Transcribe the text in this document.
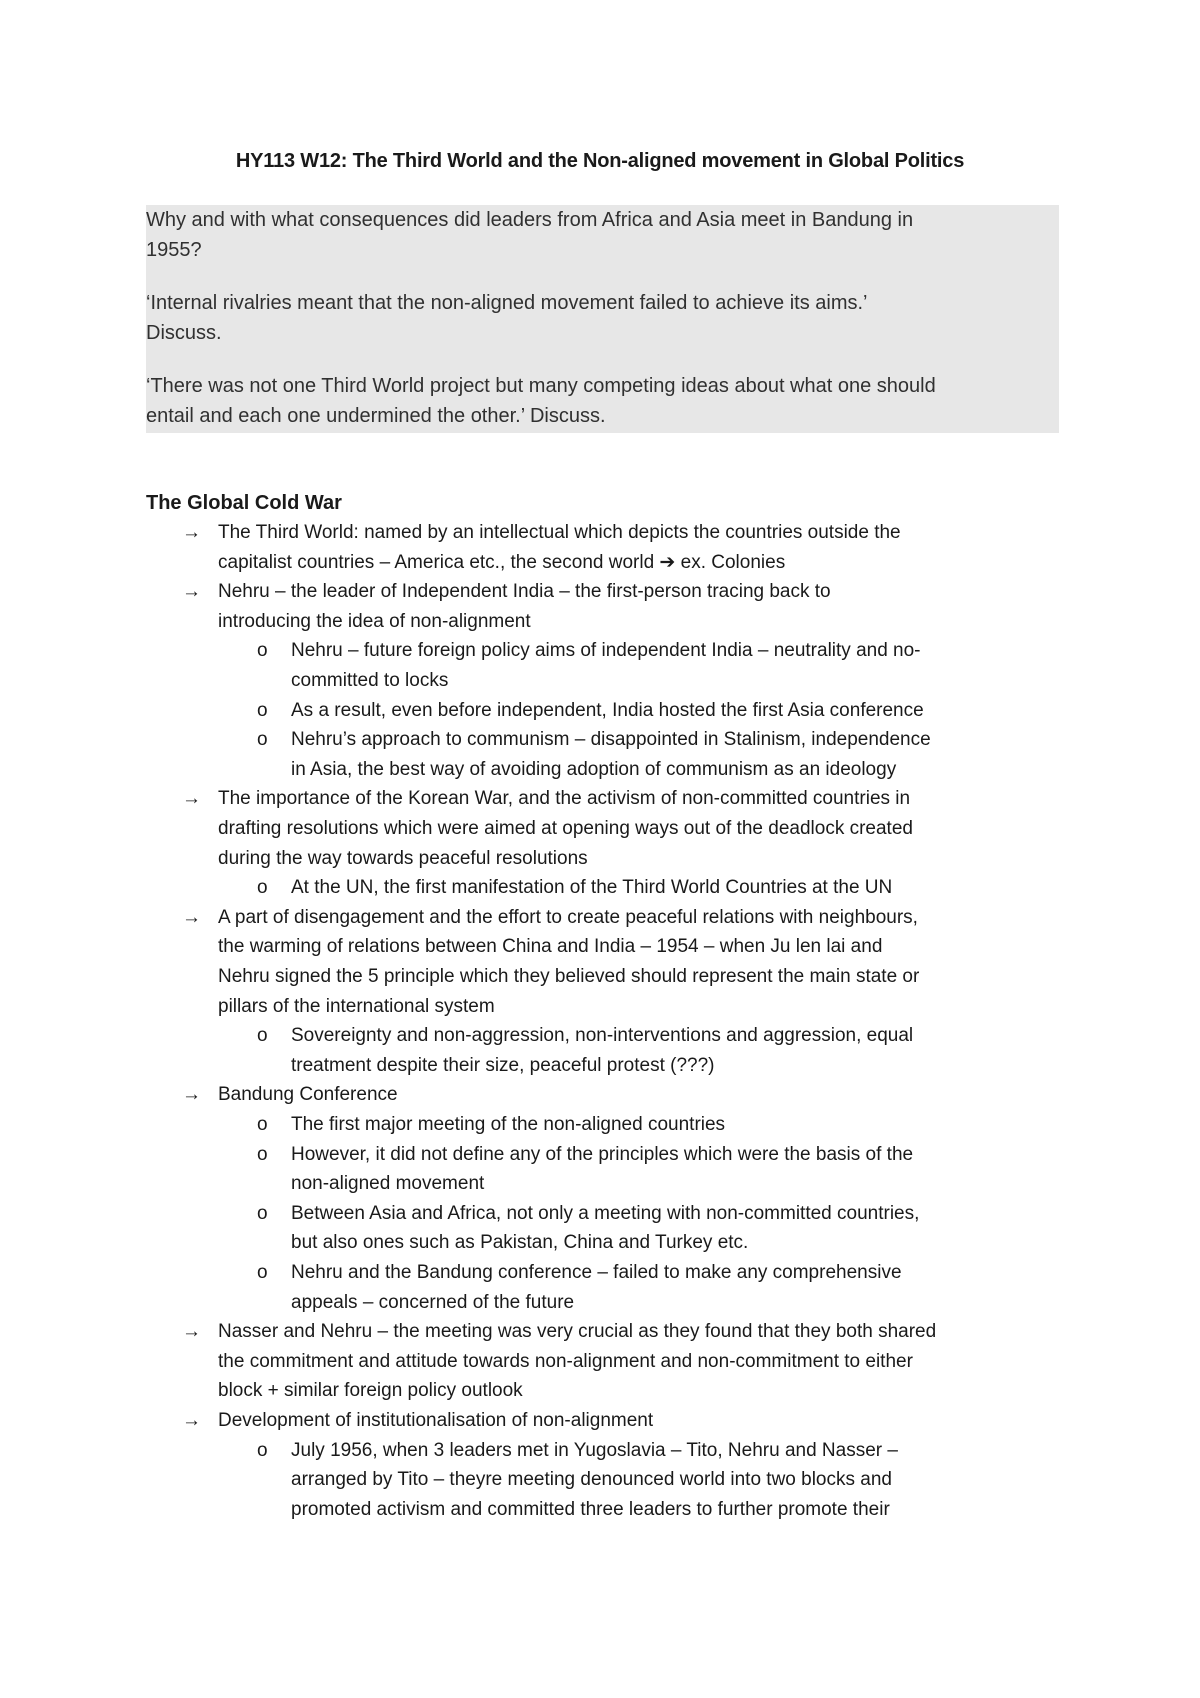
HY113 W12: The Third World and the Non-aligned movement in Global Politics
Why and with what consequences did leaders from Africa and Asia meet in Bandung in
1955?
‘Internal rivalries meant that the non-aligned movement failed to achieve its aims.’
Discuss.
‘There was not one Third World project but many competing ideas about what one should
entail and each one undermined the other.’ Discuss.
The Global Cold War
→ The Third World: named by an intellectual which depicts the countries outside the
capitalist countries – America etc., the second world ➔ ex. Colonies
→ Nehru – the leader of Independent India – the first-person tracing back to
introducing the idea of non-alignment
o	Nehru – future foreign policy aims of independent India – neutrality and no-
committed to locks
o	As a result, even before independent, India hosted the first Asia conference
o	Nehru’s approach to communism – disappointed in Stalinism, independence
in Asia, the best way of avoiding adoption of communism as an ideology
→ The importance of the Korean War, and the activism of non-committed countries in
drafting resolutions which were aimed at opening ways out of the deadlock created
during the way towards peaceful resolutions
o	At the UN, the first manifestation of the Third World Countries at the UN
→ A part of disengagement and the effort to create peaceful relations with neighbours,
the warming of relations between China and India – 1954 – when Ju len lai and
Nehru signed the 5 principle which they believed should represent the main state or
pillars of the international system
o	Sovereignty and non-aggression, non-interventions and aggression, equal
treatment despite their size, peaceful protest (???)
→ Bandung Conference
o	The first major meeting of the non-aligned countries
o	However, it did not define any of the principles which were the basis of the
non-aligned movement
o	Between Asia and Africa, not only a meeting with non-committed countries,
but also ones such as Pakistan, China and Turkey etc.
o	Nehru and the Bandung conference – failed to make any comprehensive
appeals – concerned of the future
→ Nasser and Nehru – the meeting was very crucial as they found that they both shared
the commitment and attitude towards non-alignment and non-commitment to either
block + similar foreign policy outlook
→ Development of institutionalisation of non-alignment
o	July 1956, when 3 leaders met in Yugoslavia – Tito, Nehru and Nasser –
arranged by Tito – theyre meeting denounced world into two blocks and
promoted activism and committed three leaders to further promote their
